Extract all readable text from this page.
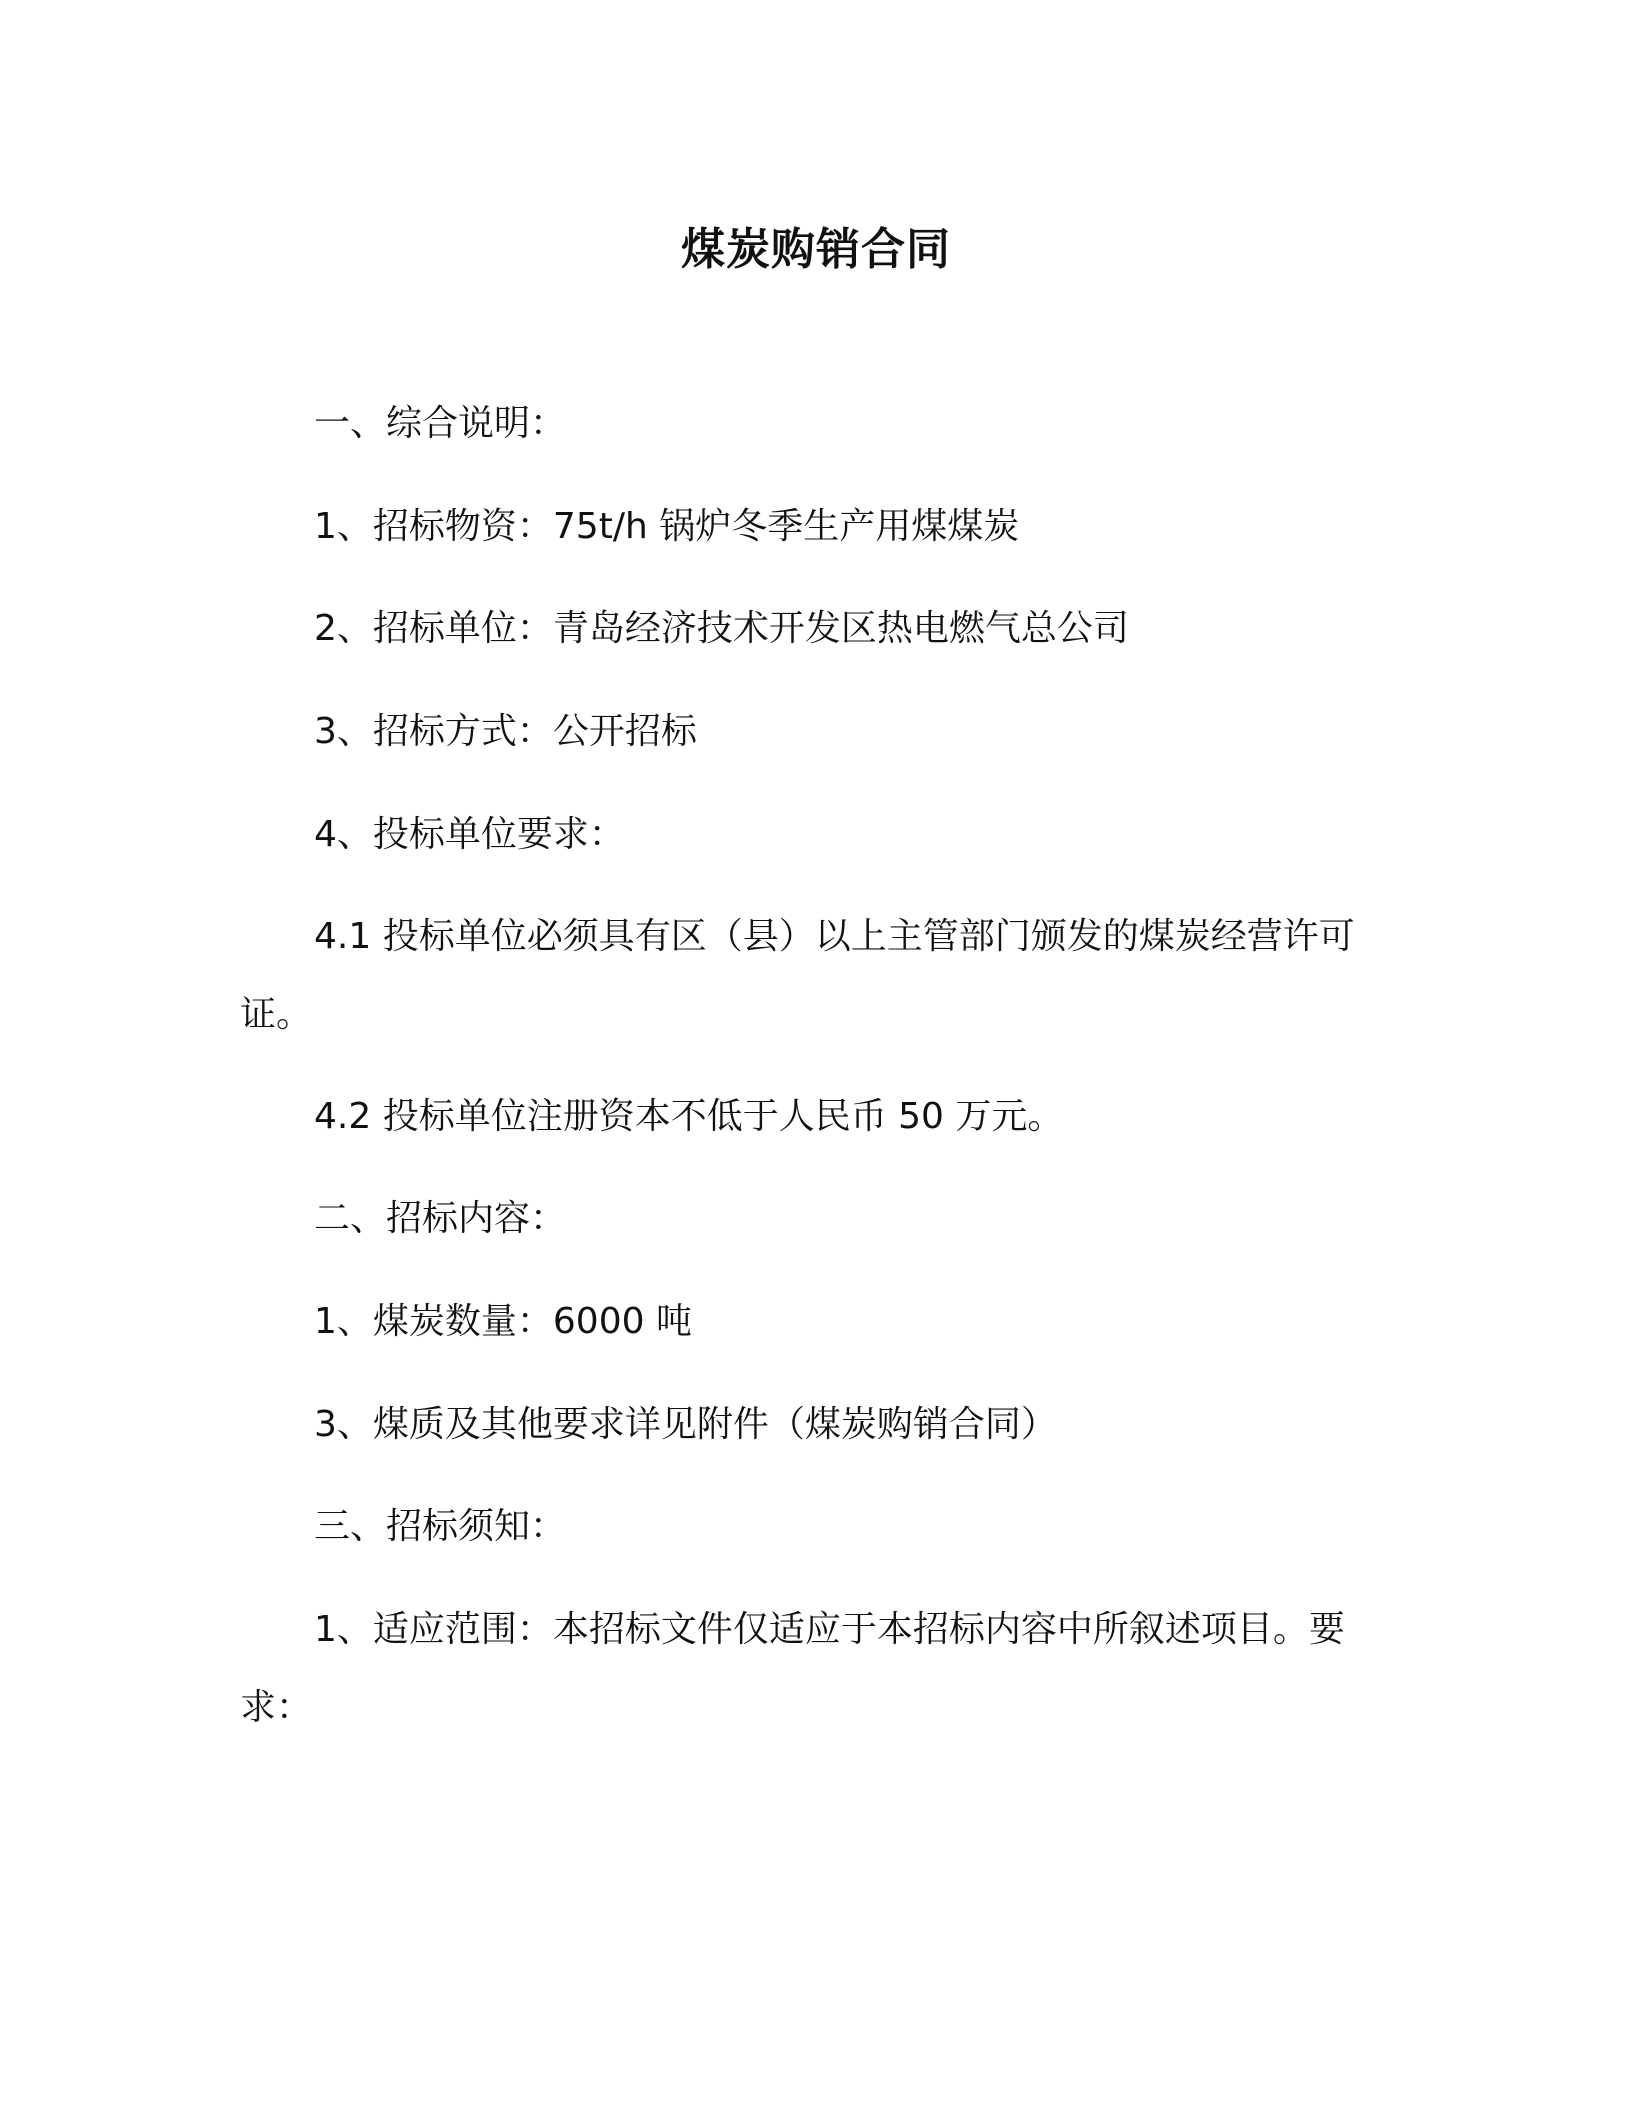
煤炭购销合同
一、综合说明：
1、招标物资：75t/h 锅炉冬季生产用煤煤炭
2、招标单位：青岛经济技术开发区热电燃气总公司
3、招标方式：公开招标
4、投标单位要求：
4.1 投标单位必须具有区（县）以上主管部门颁发的煤炭经营许可证。
4.2 投标单位注册资本不低于人民币 50 万元。
二、招标内容：
1、煤炭数量：6000 吨
3、煤质及其他要求详见附件（煤炭购销合同）
三、招标须知：
1、适应范围：本招标文件仅适应于本招标内容中所叙述项目。要求：
